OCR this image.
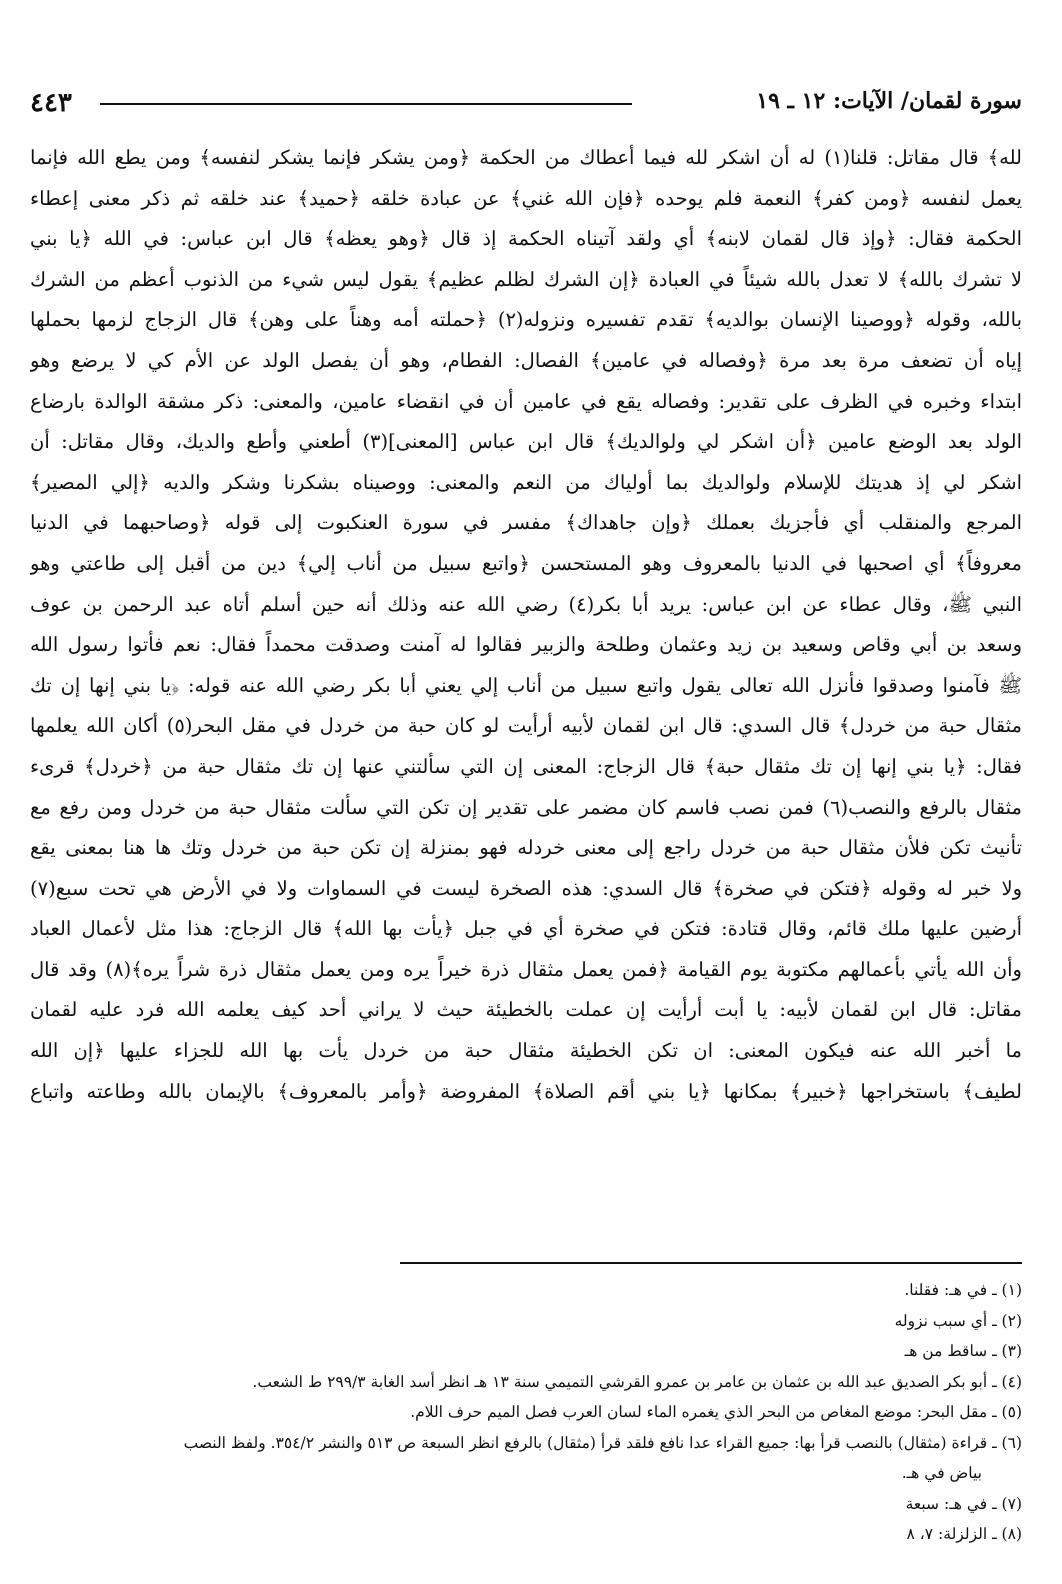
سورة لقمان/ الآيات: ١٢ ـ ١٩
٤٤٣
لله﴾ قال مقاتل: قلنا(١) له أن اشكر لله فيما أعطاك من الحكمة ﴿ومن يشكر فإنما يشكر لنفسه﴾ ومن يطع الله فإنما
يعمل لنفسه ﴿ومن كفر﴾ النعمة فلم يوحده ﴿فإن الله غني﴾ عن عبادة خلقه ﴿حميد﴾ عند خلقه ثم ذكر معنى إعطاء
الحكمة فقال: ﴿وإذ قال لقمان لابنه﴾ أي ولقد آتيناه الحكمة إذ قال ﴿وهو يعظه﴾ قال ابن عباس: في الله ﴿يا بني
لا تشرك بالله﴾ لا تعدل بالله شيئاً في العبادة ﴿إن الشرك لظلم عظيم﴾ يقول ليس شيء من الذنوب أعظم من الشرك
بالله، وقوله ﴿ووصينا الإنسان بوالديه﴾ تقدم تفسيره ونزوله(٢) ﴿حملته أمه وهناً على وهن﴾ قال الزجاج لزمها بحملها
إياه أن تضعف مرة بعد مرة ﴿وفصاله في عامين﴾ الفصال: الفطام، وهو أن يفصل الولد عن الأم كي لا يرضع وهو
ابتداء وخبره في الظرف على تقدير: وفصاله يقع في عامين أن في انقضاء عامين، والمعنى: ذكر مشقة الوالدة بارضاع
الولد بعد الوضع عامين ﴿أن اشكر لي ولوالديك﴾ قال ابن عباس [المعنى](٣) أطعني وأطع والديك، وقال مقاتل: أن
اشكر لي إذ هديتك للإسلام ولوالديك بما أولياك من النعم والمعنى: ووصيناه بشكرنا وشكر والديه ﴿إلي المصير﴾
المرجع والمنقلب أي فأجزيك بعملك ﴿وإن جاهداك﴾ مفسر في سورة العنكبوت إلى قوله ﴿وصاحبهما في الدنيا
معروفاً﴾ أي اصحبها في الدنيا بالمعروف وهو المستحسن ﴿واتبع سبيل من أناب إلي﴾ دين من أقبل إلى طاعتي وهو
النبي ﷺ، وقال عطاء عن ابن عباس: يريد أبا بكر(٤) رضي الله عنه وذلك أنه حين أسلم أتاه عبد الرحمن بن عوف
وسعد بن أبي وقاص وسعيد بن زيد وعثمان وطلحة والزبير فقالوا له آمنت وصدقت محمداً فقال: نعم فأتوا رسول الله
ﷺ فآمنوا وصدقوا فأنزل الله تعالى يقول واتبع سبيل من أناب إلي يعني أبا بكر رضي الله عنه قوله: ﴿يا بني إنها إن تك
مثقال حبة من خردل﴾ قال السدي: قال ابن لقمان لأبيه أرأيت لو كان حبة من خردل في مقل البحر(٥) أكان الله يعلمها
فقال: ﴿يا بني إنها إن تك مثقال حبة﴾ قال الزجاج: المعنى إن التي سألتني عنها إن تك مثقال حبة من ﴿خردل﴾ قرىء
مثقال بالرفع والنصب(٦) فمن نصب فاسم كان مضمر على تقدير إن تكن التي سألت مثقال حبة من خردل ومن رفع مع
تأنيث تكن فلأن مثقال حبة من خردل راجع إلى معنى خردله فهو بمنزلة إن تكن حبة من خردل وتك ها هنا بمعنى يقع
ولا خبر له وقوله ﴿فتكن في صخرة﴾ قال السدي: هذه الصخرة ليست في السماوات ولا في الأرض هي تحت سبع(٧)
أرضين عليها ملك قائم، وقال قتادة: فتكن في صخرة أي في جبل ﴿يأت بها الله﴾ قال الزجاج: هذا مثل لأعمال العباد
وأن الله يأتي بأعمالهم مكتوبة يوم القيامة ﴿فمن يعمل مثقال ذرة خيراً يره ومن يعمل مثقال ذرة شراً يره﴾(٨) وقد قال
مقاتل: قال ابن لقمان لأبيه: يا أبت أرأيت إن عملت بالخطيئة حيث لا يراني أحد كيف يعلمه الله فرد عليه لقمان
ما أخبر الله عنه فيكون المعنى: ان تكن الخطيئة مثقال حبة من خردل يأت بها الله للجزاء عليها ﴿إن الله
لطيف﴾ باستخراجها ﴿خبير﴾ بمكانها ﴿يا بني أقم الصلاة﴾ المفروضة ﴿وأمر بالمعروف﴾ بالإيمان بالله وطاعته واتباع
(١) ـ في هـ: فقلنا.
(٢) ـ أي سبب نزوله
(٣) ـ ساقط من هـ
(٤) ـ أبو بكر الصديق عبد الله بن عثمان بن عامر بن عمرو القرشي التميمي سنة ١٣ هـ انظر أسد الغابة ٢٩٩/٣ ط الشعب.
(٥) ـ مقل البحر: موضع المغاص من البحر الذي يغمره الماء لسان العرب فصل الميم حرف اللام.
(٦) ـ قراءة (مثقال) بالنصب قرأ بها: جميع القراء عدا نافع فلقد قرأ (مثقال) بالرفع انظر السبعة ص ٥١٣ والنشر ٣٥٤/٢. ولفظ النصب
بياض في هـ.
(٧) ـ في هـ: سبعة
(٨) ـ الزلزلة: ٧، ٨
